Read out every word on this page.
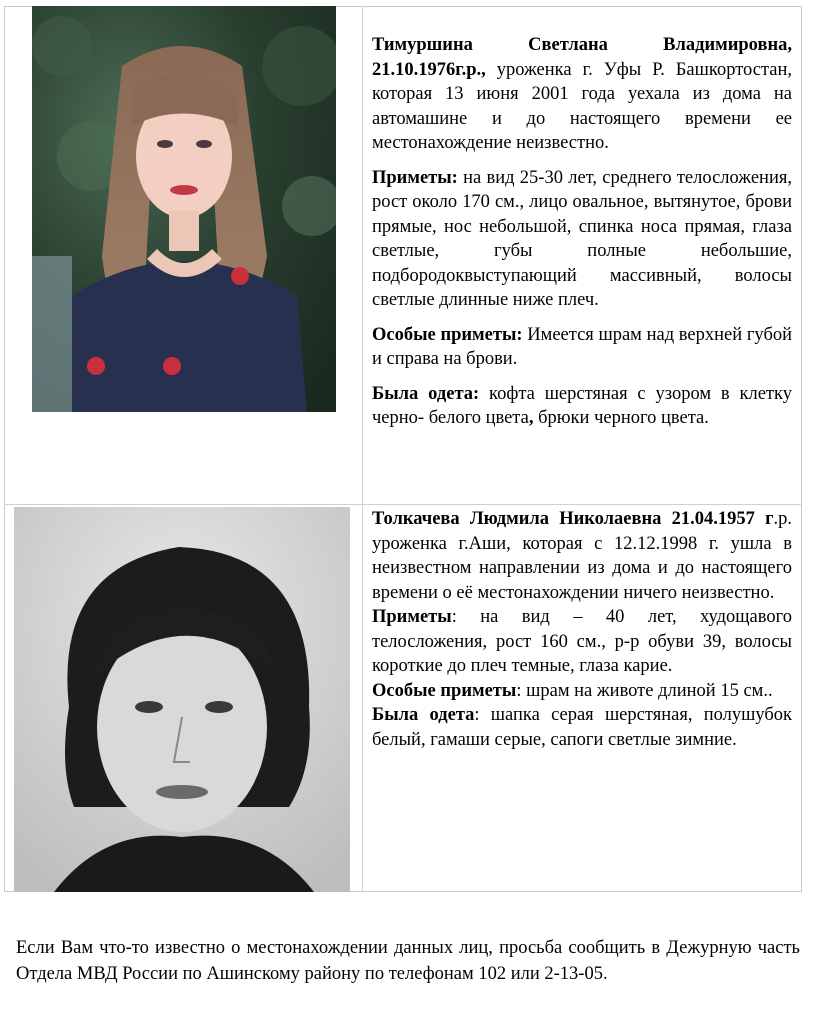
Тимуршина Светлана Владимировна, 21.10.1976г.р., уроженка г. Уфы Р. Башкортостан, которая 13 июня 2001 года уехала из дома на автомашине и до настоящего времени ее местонахождение неизвестно.

Приметы: на вид 25-30 лет, среднего телосложения, рост около 170 см., лицо овальное, вытянутое, брови прямые, нос небольшой, спинка носа прямая, глаза светлые, губы полные небольшие, подбородоквыступающий массивный, волосы светлые длинные ниже плеч.

Особые приметы: Имеется шрам над верхней губой и справа на брови.

Была одета: кофта шерстяная с узором в клетку черно- белого цвета, брюки черного цвета.

Толкачева Людмила Николаевна 21.04.1957 г.р. уроженка г.Аши, которая с 12.12.1998 г. ушла в неизвестном направлении из дома и до настоящего времени о её местонахождении ничего неизвестно.

Приметы: на вид – 40 лет, худощавого телосложения, рост 160 см., р-р обуви 39, волосы короткие до плеч темные, глаза карие.

Особые приметы: шрам на животе длиной 15 см..

Была одета: шапка серая шерстяная, полушубок белый, гамаши серые, сапоги светлые зимние.

Если Вам что-то известно о местонахождении данных лиц, просьба сообщить в Дежурную часть Отдела МВД России по Ашинскому району по телефонам 102 или 2-13-05.
